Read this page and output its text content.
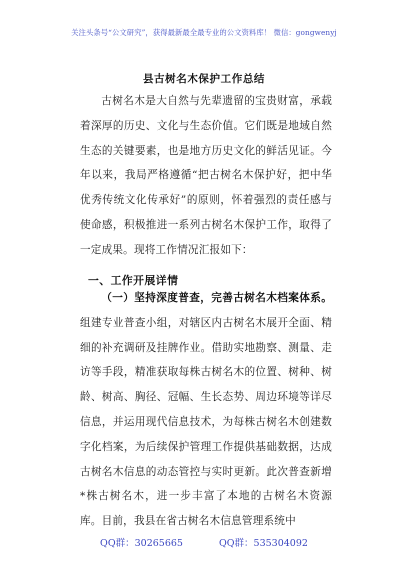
关注头条号“公文研究”，获得最新最全最专业的公文资料库！ 微信：gongwenyj
县古树名木保护工作总结
古树名木是大自然与先辈遗留的宝贵财富，承载着深厚的历史、文化与生态价值。它们既是地域自然生态的关键要素，也是地方历史文化的鲜活见证。今年以来，我局严格遵循“把古树名木保护好，把中华优秀传统文化传承好”的原则，怀着强烈的责任感与使命感，积极推进一系列古树名木保护工作，取得了一定成果。现将工作情况汇报如下：
一、工作开展详情
（一）坚持深度普查，完善古树名木档案体系。组建专业普查小组，对辖区内古树名木展开全面、精细的补充调研及挂牌作业。借助实地勘察、测量、走访等手段，精准获取每株古树名木的位置、树种、树龄、树高、胸径、冠幅、生长态势、周边环境等详尽信息，并运用现代信息技术，为每株古树名木创建数字化档案，为后续保护管理工作提供基础数据，达成古树名木信息的动态管控与实时更新。此次普查新增*株古树名木，进一步丰富了本地的古树名木资源库。目前，我县在省古树名木信息管理系统中
QQ群：30265665	QQ群：535304092
